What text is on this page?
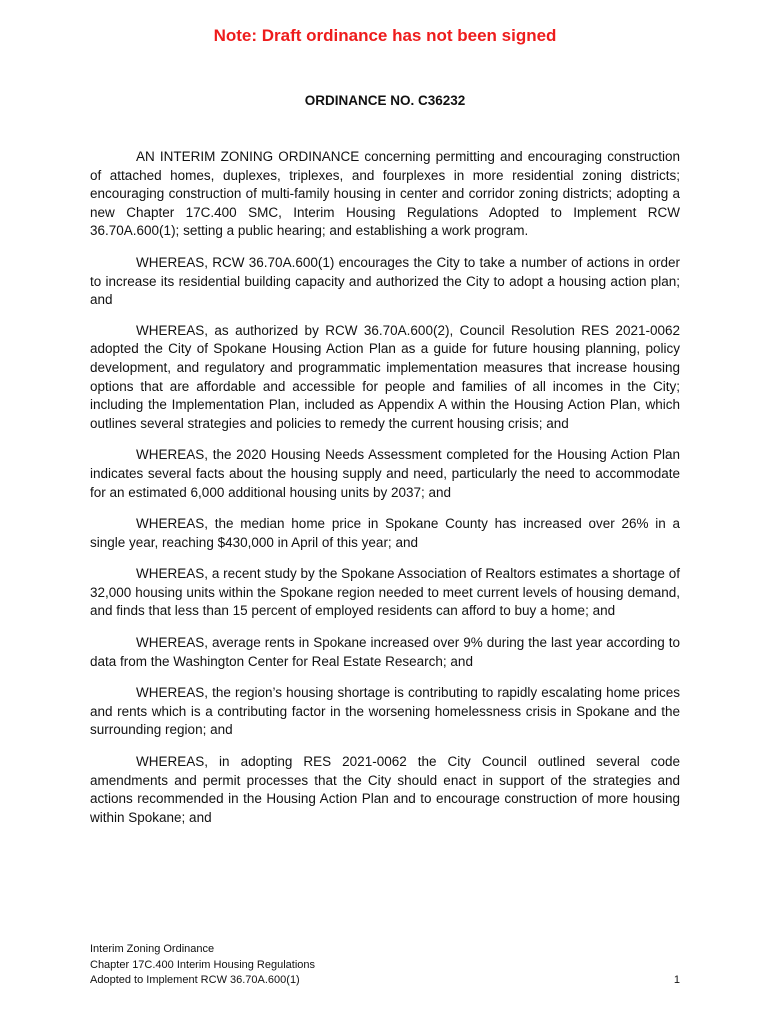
Note: Draft ordinance has not been signed
ORDINANCE NO. C36232

AN INTERIM ZONING ORDINANCE concerning permitting and encouraging construction of attached homes, duplexes, triplexes, and fourplexes in more residential zoning districts; encouraging construction of multi-family housing in center and corridor zoning districts; adopting a new Chapter 17C.400 SMC, Interim Housing Regulations Adopted to Implement RCW 36.70A.600(1); setting a public hearing; and establishing a work program.

WHEREAS, RCW 36.70A.600(1) encourages the City to take a number of actions in order to increase its residential building capacity and authorized the City to adopt a housing action plan; and

WHEREAS, as authorized by RCW 36.70A.600(2), Council Resolution RES 2021-0062 adopted the City of Spokane Housing Action Plan as a guide for future housing planning, policy development, and regulatory and programmatic implementation measures that increase housing options that are affordable and accessible for people and families of all incomes in the City; including the Implementation Plan, included as Appendix A within the Housing Action Plan, which outlines several strategies and policies to remedy the current housing crisis; and

WHEREAS, the 2020 Housing Needs Assessment completed for the Housing Action Plan indicates several facts about the housing supply and need, particularly the need to accommodate for an estimated 6,000 additional housing units by 2037; and

WHEREAS, the median home price in Spokane County has increased over 26% in a single year, reaching $430,000 in April of this year; and

WHEREAS, a recent study by the Spokane Association of Realtors estimates a shortage of 32,000 housing units within the Spokane region needed to meet current levels of housing demand, and finds that less than 15 percent of employed residents can afford to buy a home; and

WHEREAS, average rents in Spokane increased over 9% during the last year according to data from the Washington Center for Real Estate Research; and

WHEREAS, the region’s housing shortage is contributing to rapidly escalating home prices and rents which is a contributing factor in the worsening homelessness crisis in Spokane and the surrounding region; and

WHEREAS, in adopting RES 2021-0062 the City Council outlined several code amendments and permit processes that the City should enact in support of the strategies and actions recommended in the Housing Action Plan and to encourage construction of more housing within Spokane; and

Interim Zoning Ordinance
Chapter 17C.400 Interim Housing Regulations
Adopted to Implement RCW 36.70A.600(1)	1
